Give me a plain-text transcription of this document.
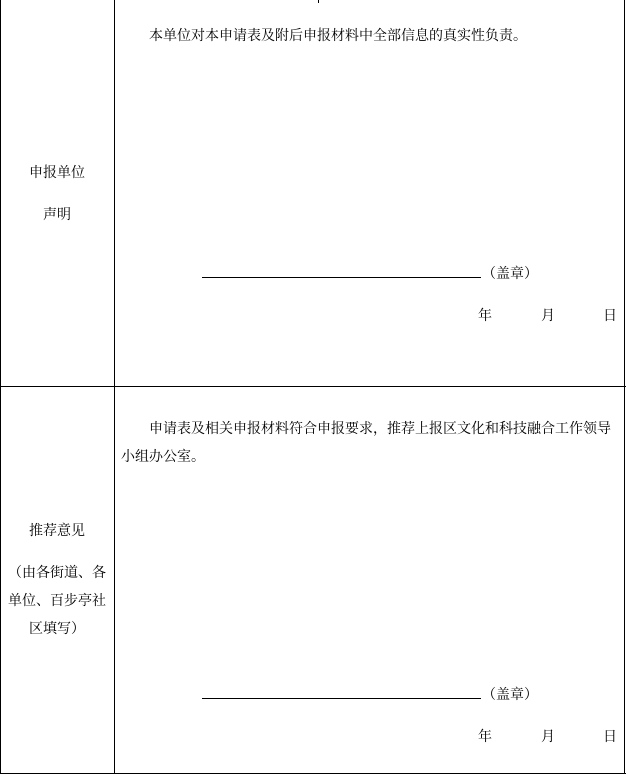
申报单位
声明
本单位对本申请表及附后申报材料中全部信息的真实性负责。
（盖章）
年	月	日
推荐意见
（由各街道、各
单位、百步亭社
区填写）
申请表及相关申报材料符合申报要求，推荐上报区文化和科技融合工作领导
小组办公室。
（盖章）
年	月	日
